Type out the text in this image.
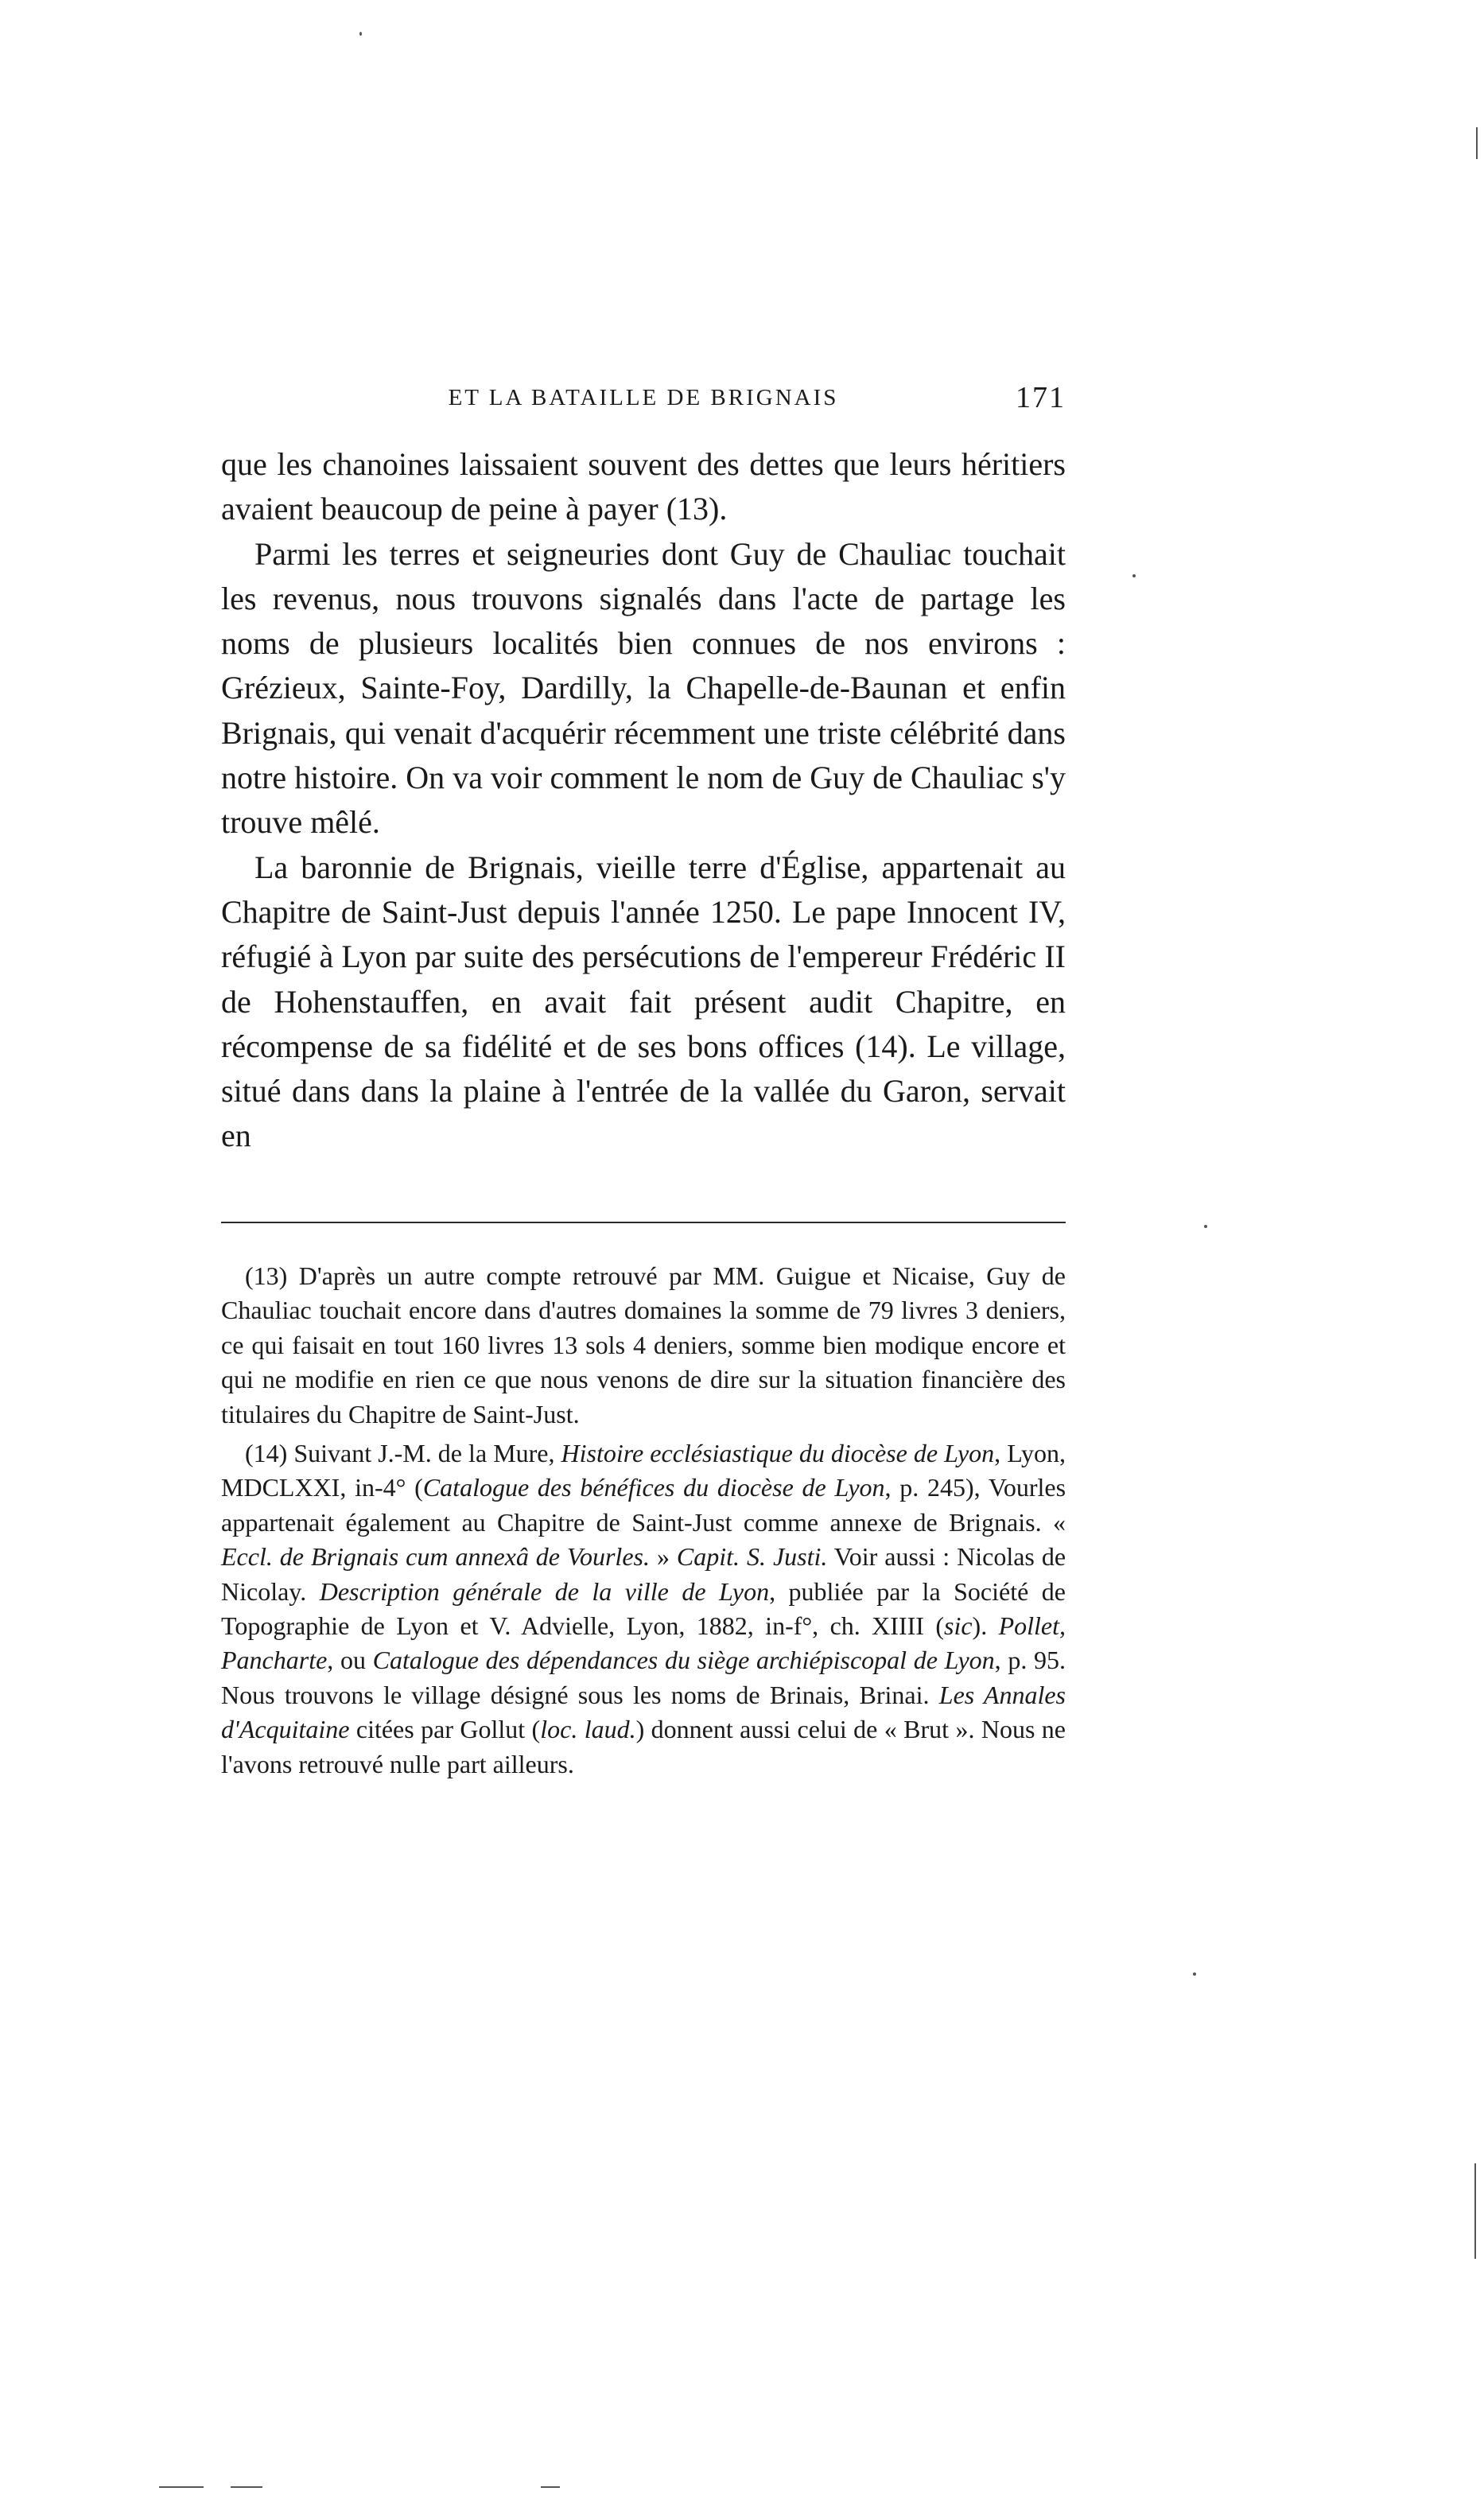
ET LA BATAILLE DE BRIGNAIS	171

que les chanoines laissaient souvent des dettes que leurs héritiers avaient beaucoup de peine à payer (13).

Parmi les terres et seigneuries dont Guy de Chauliac touchait les revenus, nous trouvons signalés dans l'acte de partage les noms de plusieurs localités bien connues de nos environs : Grézieux, Sainte-Foy, Dardilly, la Chapelle-de-Baunan et enfin Brignais, qui venait d'acquérir récemment une triste célébrité dans notre histoire. On va voir comment le nom de Guy de Chauliac s'y trouve mêlé.

La baronnie de Brignais, vieille terre d'Église, appartenait au Chapitre de Saint-Just depuis l'année 1250. Le pape Innocent IV, réfugié à Lyon par suite des persécutions de l'empereur Frédéric II de Hohenstauffen, en avait fait présent audit Chapitre, en récompense de sa fidélité et de ses bons offices (14). Le village, situé dans dans la plaine à l'entrée de la vallée du Garon, servait en

(13) D'après un autre compte retrouvé par MM. Guigue et Nicaise, Guy de Chauliac touchait encore dans d'autres domaines la somme de 79 livres 3 deniers, ce qui faisait en tout 160 livres 13 sols 4 deniers, somme bien modique encore et qui ne modifie en rien ce que nous venons de dire sur la situation financière des titulaires du Chapitre de Saint-Just.

(14) Suivant J.-M. de la Mure, Histoire ecclésiastique du diocèse de Lyon, Lyon, MDCLXXI, in-4° (Catalogue des bénéfices du diocèse de Lyon, p. 245), Vourles appartenait également au Chapitre de Saint-Just comme annexe de Brignais. « Eccl. de Brignais cum annexâ de Vourles. » Capit. S. Justi. Voir aussi : Nicolas de Nicolay. Description générale de la ville de Lyon, publiée par la Société de Topographie de Lyon et V. Advielle, Lyon, 1882, in-f°, ch. XIIII (sic). Pollet, Pancharte, ou Catalogue des dépendances du siège archiépiscopal de Lyon, p. 95. Nous trouvons le village désigné sous les noms de Brinais, Brinai. Les Annales d'Acquitaine citées par Gollut (loc. laud.) donnent aussi celui de « Brut ». Nous ne l'avons retrouvé nulle part ailleurs.
